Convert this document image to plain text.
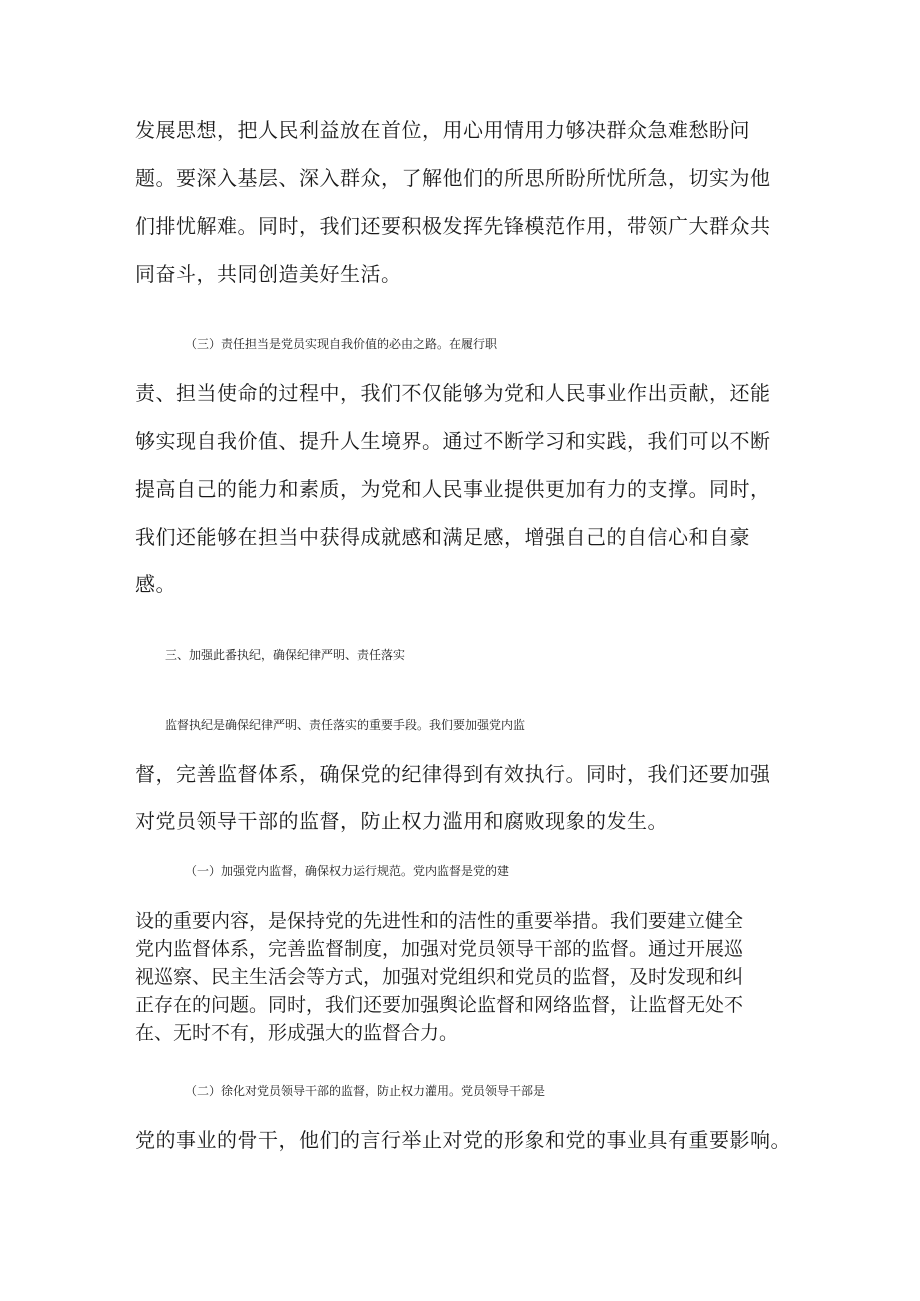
发展思想，把人民利益放在首位，用心用情用力够决群众急难愁盼问
题。要深入基层、深入群众，了解他们的所思所盼所忧所急，切实为他
们排忧解难。同时，我们还要积极发挥先锋模范作用，带领广大群众共
同奋斗，共同创造美好生活。
（三）责任担当是党员实现自我价值的必由之路。在履行职
责、担当使命的过程中，我们不仅能够为党和人民事业作出贡献，还能
够实现自我价值、提升人生境界。通过不断学习和实践，我们可以不断
提高自己的能力和素质，为党和人民事业提供更加有力的支撑。同时，
我们还能够在担当中获得成就感和满足感，增强自己的自信心和自豪
感。
三、加强此番执纪，确保纪律严明、责任落实
监督执纪是确保纪律严明、责任落实的重要手段。我们要加强党内监
督，完善监督体系，确保党的纪律得到有效执行。同时，我们还要加强
对党员领导干部的监督，防止权力滥用和腐败现象的发生。
（一）加强党内监督，确保权力运行规范。党内监督是党的建
设的重要内容，是保持党的先进性和的洁性的重要举措。我们要建立健全
党内监督体系，完善监督制度，加强对党员领导干部的监督。通过开展巡
视巡察、民主生活会等方式，加强对党组织和党员的监督，及时发现和纠
正存在的问题。同时，我们还要加强舆论监督和网络监督，让监督无处不
在、无时不有，形成强大的监督合力。
（二）徐化对党员领导干部的监督，防止权力灌用。党员领导干部是
党的事业的骨干，他们的言行举止对党的形象和党的事业具有重要影响。
